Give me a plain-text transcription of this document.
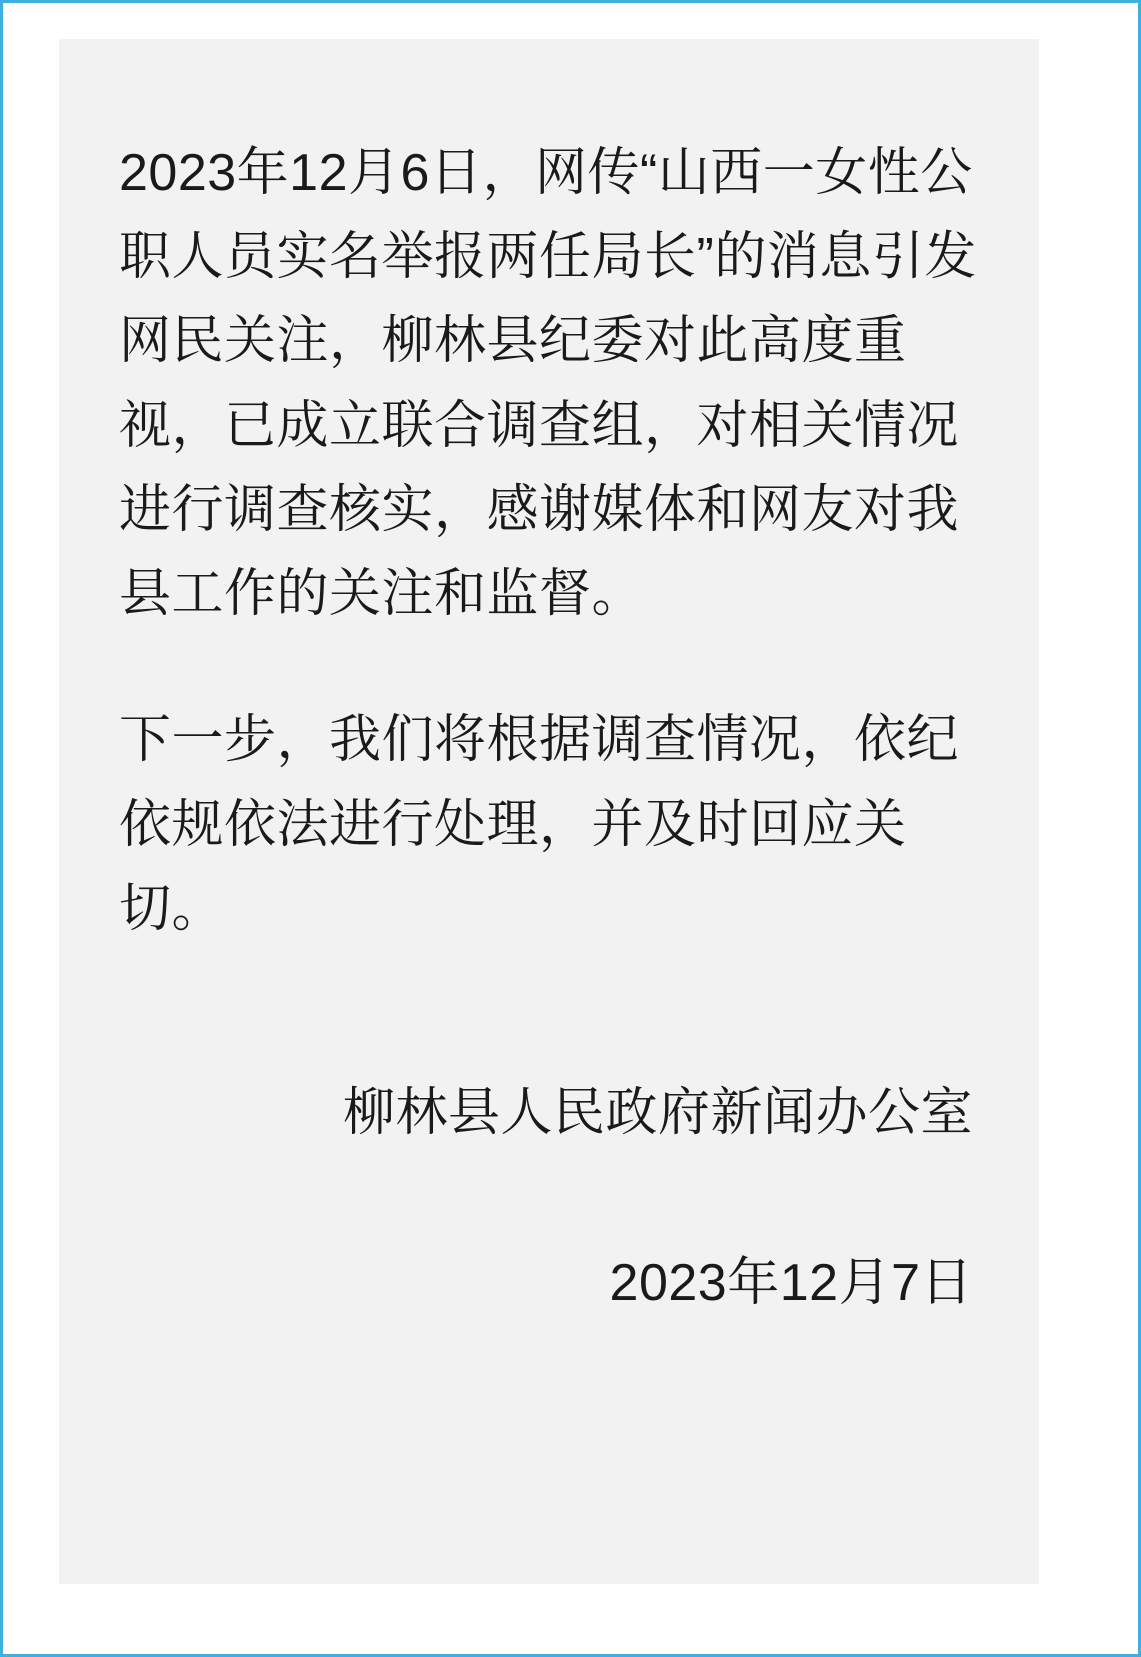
2023年12月6日，网传“山西一女性公职人员实名举报两任局长”的消息引发网民关注，柳林县纪委对此高度重视，已成立联合调查组，对相关情况进行调查核实，感谢媒体和网友对我县工作的关注和监督。

下一步，我们将根据调查情况，依纪依规依法进行处理，并及时回应关切。

柳林县人民政府新闻办公室

2023年12月7日
